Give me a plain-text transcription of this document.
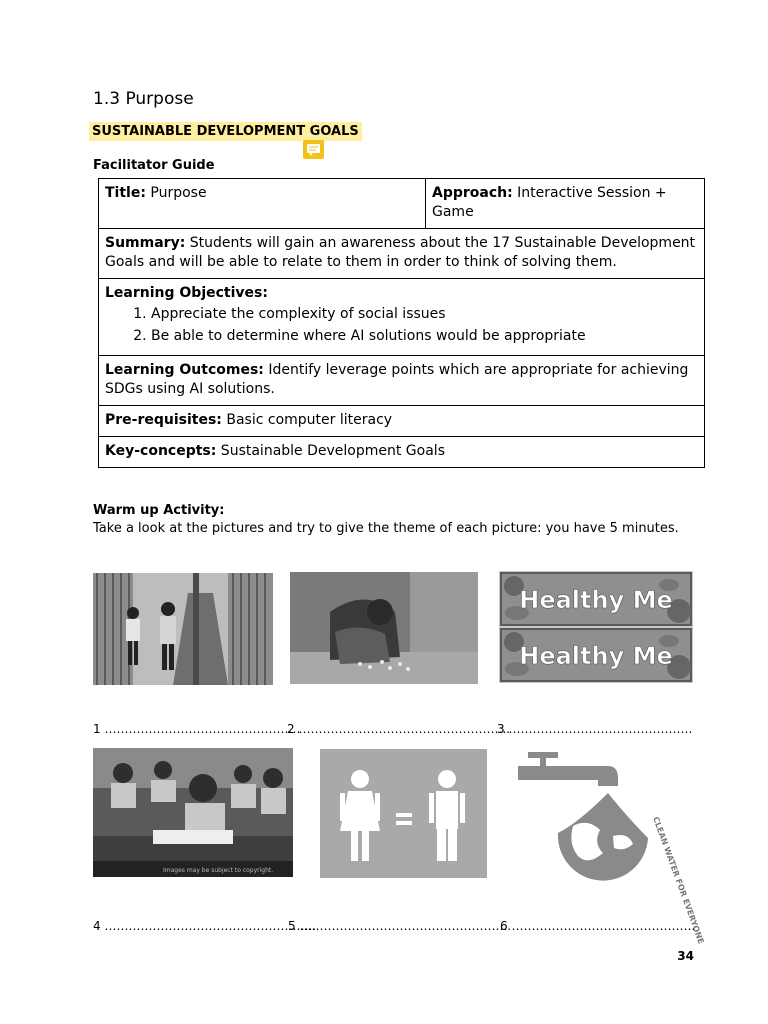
1.3 Purpose
SUSTAINABLE DEVELOPMENT GOALS
Facilitator Guide
Title: Purpose	Approach: Interactive Session + Game
Summary: Students will gain an awareness about the 17 Sustainable Development Goals and will be able to relate to them in order to think of solving them.
Learning Objectives:
1. Appreciate the complexity of social issues
2. Be able to determine where AI solutions would be appropriate

Learning Outcomes: Identify leverage points which are appropriate for achieving SDGs using AI solutions.
Pre-requisites: Basic computer literacy
Key-concepts: Sustainable Development Goals
Warm up Activity:
Take a look at the pictures and try to give the theme of each picture: you have 5 minutes.
Healthy Me
Healthy Me
1 ………………………………………….
2 ……………………………………………..
3 ……………………………………….
Images may be subject to copyright.	CLEAN WATER FOR EVERYONE
4 ……………………………………………..
5 ……………………………………………..
6 ……………………………………….
34
